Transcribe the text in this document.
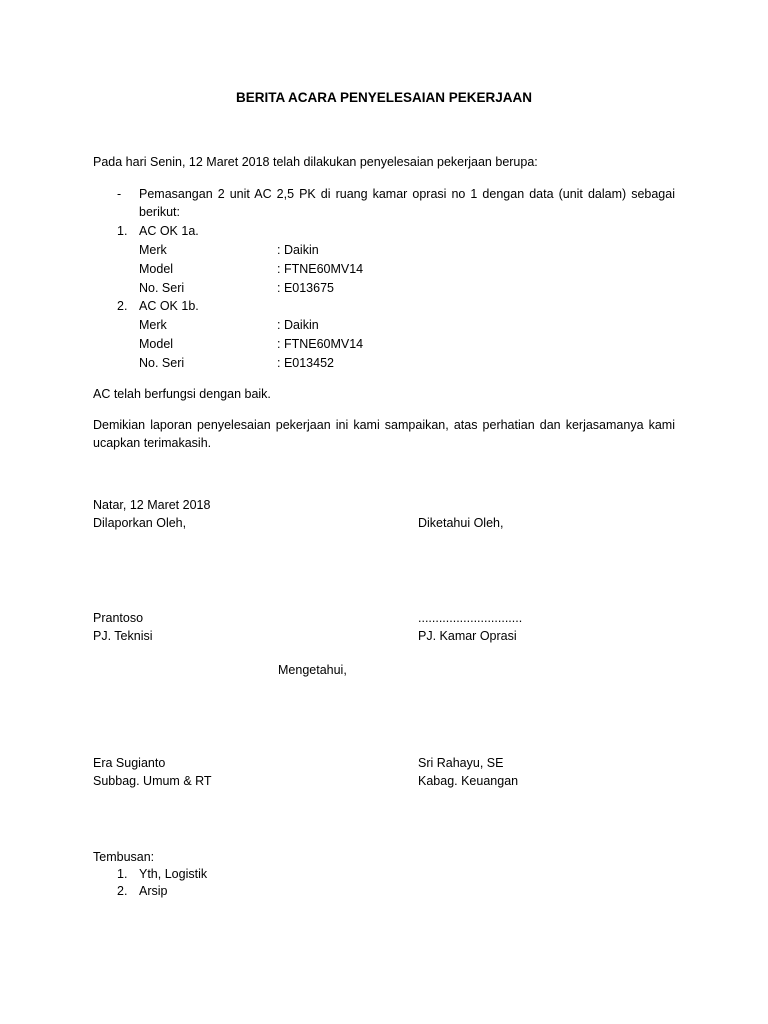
BERITA ACARA PENYELESAIAN PEKERJAAN
Pada hari Senin, 12 Maret 2018 telah dilakukan penyelesaian pekerjaan berupa:
- Pemasangan 2 unit AC 2,5 PK di ruang kamar oprasi no 1 dengan data (unit dalam) sebagai berikut:
1. AC OK 1a.
Merk	: Daikin
Model	: FTNE60MV14
No. Seri	: E013675
2. AC OK 1b.
Merk	: Daikin
Model	: FTNE60MV14
No. Seri	: E013452
AC telah berfungsi dengan baik.
Demikian laporan penyelesaian pekerjaan ini kami sampaikan, atas perhatian dan kerjasamanya kami ucapkan terimakasih.
Natar, 12 Maret 2018
Dilaporkan Oleh,	Diketahui Oleh,
Prantoso	..............................
PJ. Teknisi	PJ. Kamar Oprasi
Mengetahui,
Era Sugianto	Sri Rahayu, SE
Subbag. Umum & RT	Kabag. Keuangan
Tembusan:
1. Yth, Logistik
2. Arsip
